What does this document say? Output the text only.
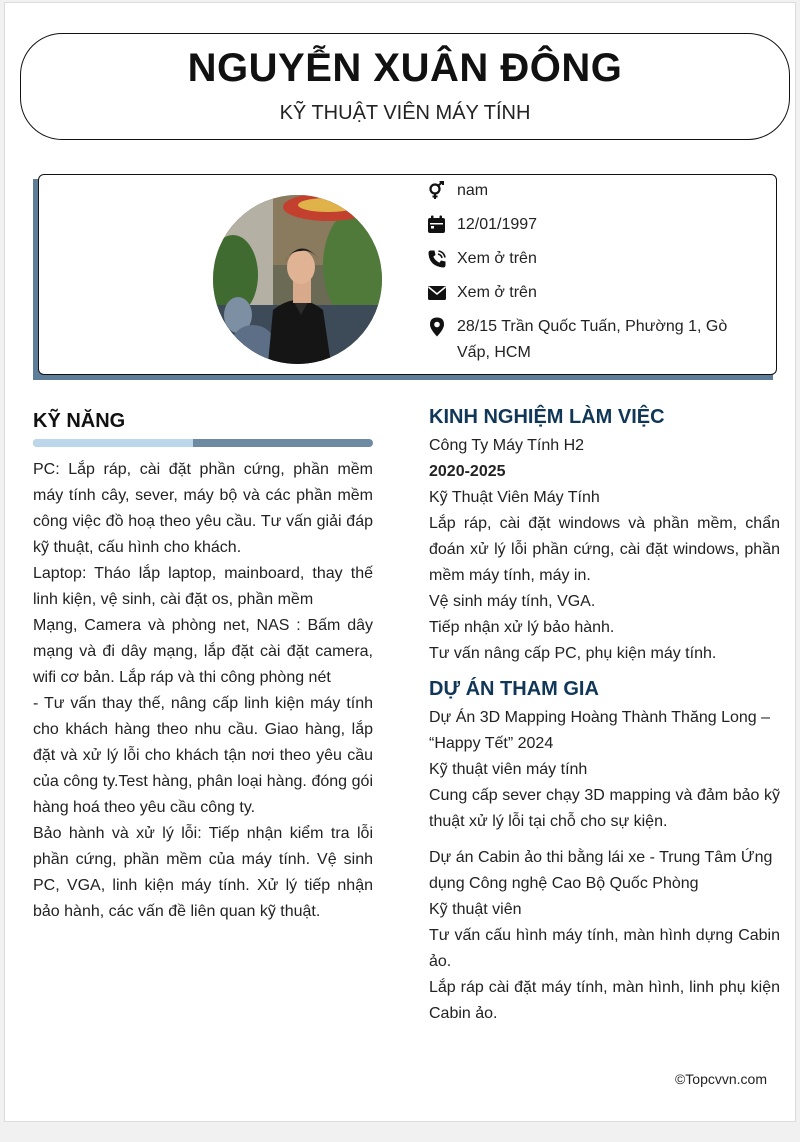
NGUYỄN XUÂN ĐÔNG
KỸ THUẬT VIÊN MÁY TÍNH
nam
12/01/1997
Xem ở trên
Xem ở trên
28/15 Trần Quốc Tuấn, Phường 1, Gò Vấp, HCM
KỸ NĂNG

PC: Lắp ráp, cài đặt phần cứng, phần mềm máy tính cây, sever, máy bộ và các phần mềm công việc đồ hoạ theo yêu cầu. Tư vấn giải đáp kỹ thuật, cấu hình cho khách.

Laptop: Tháo lắp laptop, mainboard, thay thế linh kiện, vệ sinh, cài đặt os, phần mềm

Mạng, Camera và phòng net, NAS : Bấm dây mạng và đi dây mạng, lắp đặt cài đặt camera, wifi cơ bản. Lắp ráp và thi công phòng nét

- Tư vấn thay thế, nâng cấp linh kiện máy tính cho khách hàng theo nhu cầu. Giao hàng, lắp đặt và xử lý lỗi cho khách tận nơi theo yêu cầu của công ty.Test hàng, phân loại hàng. đóng gói hàng hoá theo yêu cầu công ty.

Bảo hành và xử lý lỗi: Tiếp nhận kiểm tra lỗi phần cứng, phần mềm của máy tính. Vệ sinh PC, VGA, linh kiện máy tính. Xử lý tiếp nhận bảo hành, các vấn đề liên quan kỹ thuật.

KINH NGHIỆM LÀM VIỆC
Công Ty Máy Tính H2
2020-2025
Kỹ Thuật Viên Máy Tính
Lắp ráp, cài đặt windows và phần mềm, chẩn đoán xử lý lỗi phần cứng, cài đặt windows, phần mềm máy tính, máy in.
Vệ sinh máy tính, VGA.
Tiếp nhận xử lý bảo hành.
Tư vấn nâng cấp PC, phụ kiện máy tính.
DỰ ÁN THAM GIA
Dự Án 3D Mapping Hoàng Thành Thăng Long – “Happy Tết” 2024
Kỹ thuật viên máy tính
Cung cấp sever chạy 3D mapping và đảm bảo kỹ thuật xử lý lỗi tại chỗ cho sự kiện.
Dự án Cabin ảo thi bằng lái xe - Trung Tâm Ứng dụng Công nghệ Cao Bộ Quốc Phòng
Kỹ thuật viên
Tư vấn cấu hình máy tính, màn hình dựng Cabin ảo.
Lắp ráp cài đặt máy tính, màn hình, linh phụ kiện Cabin ảo.
©Topcvvn.com
